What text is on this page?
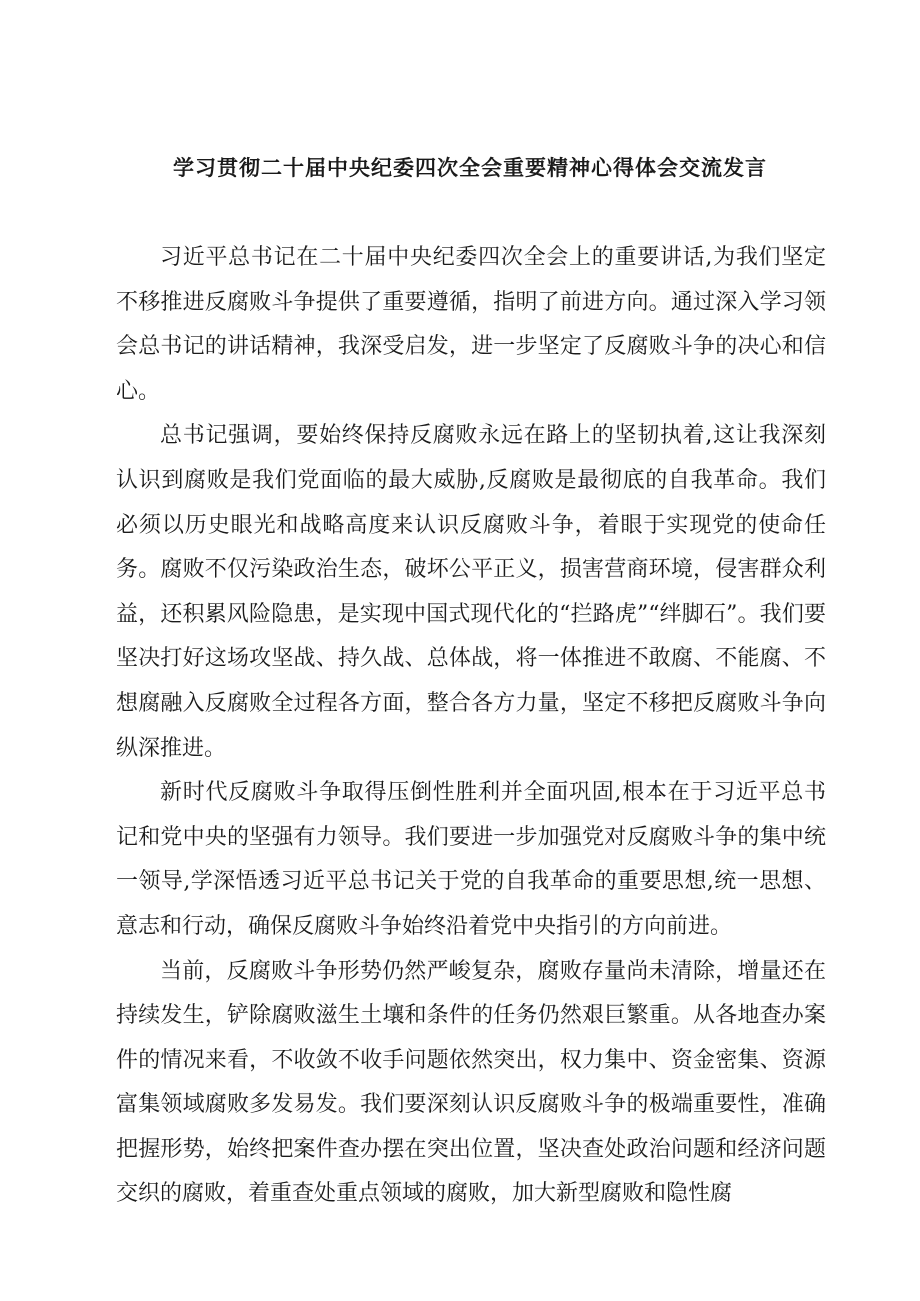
学习贯彻二十届中央纪委四次全会重要精神心得体会交流发言

习近平总书记在二十届中央纪委四次全会上的重要讲话,为我们坚定不移推进反腐败斗争提供了重要遵循，指明了前进方向。通过深入学习领会总书记的讲话精神，我深受启发，进一步坚定了反腐败斗争的决心和信心。

总书记强调，要始终保持反腐败永远在路上的坚韧执着,这让我深刻认识到腐败是我们党面临的最大威胁,反腐败是最彻底的自我革命。我们必须以历史眼光和战略高度来认识反腐败斗争，着眼于实现党的使命任务。腐败不仅污染政治生态，破坏公平正义，损害营商环境，侵害群众利益，还积累风险隐患，是实现中国式现代化的“拦路虎”“绊脚石”。我们要坚决打好这场攻坚战、持久战、总体战，将一体推进不敢腐、不能腐、不想腐融入反腐败全过程各方面，整合各方力量，坚定不移把反腐败斗争向纵深推进。

新时代反腐败斗争取得压倒性胜利并全面巩固,根本在于习近平总书记和党中央的坚强有力领导。我们要进一步加强党对反腐败斗争的集中统一领导,学深悟透习近平总书记关于党的自我革命的重要思想,统一思想、意志和行动，确保反腐败斗争始终沿着党中央指引的方向前进。

当前，反腐败斗争形势仍然严峻复杂，腐败存量尚未清除，增量还在持续发生，铲除腐败滋生土壤和条件的任务仍然艰巨繁重。从各地查办案件的情况来看，不收敛不收手问题依然突出，权力集中、资金密集、资源富集领域腐败多发易发。我们要深刻认识反腐败斗争的极端重要性，准确把握形势，始终把案件查办摆在突出位置，坚决查处政治问题和经济问题交织的腐败，着重查处重点领域的腐败，加大新型腐败和隐性腐
